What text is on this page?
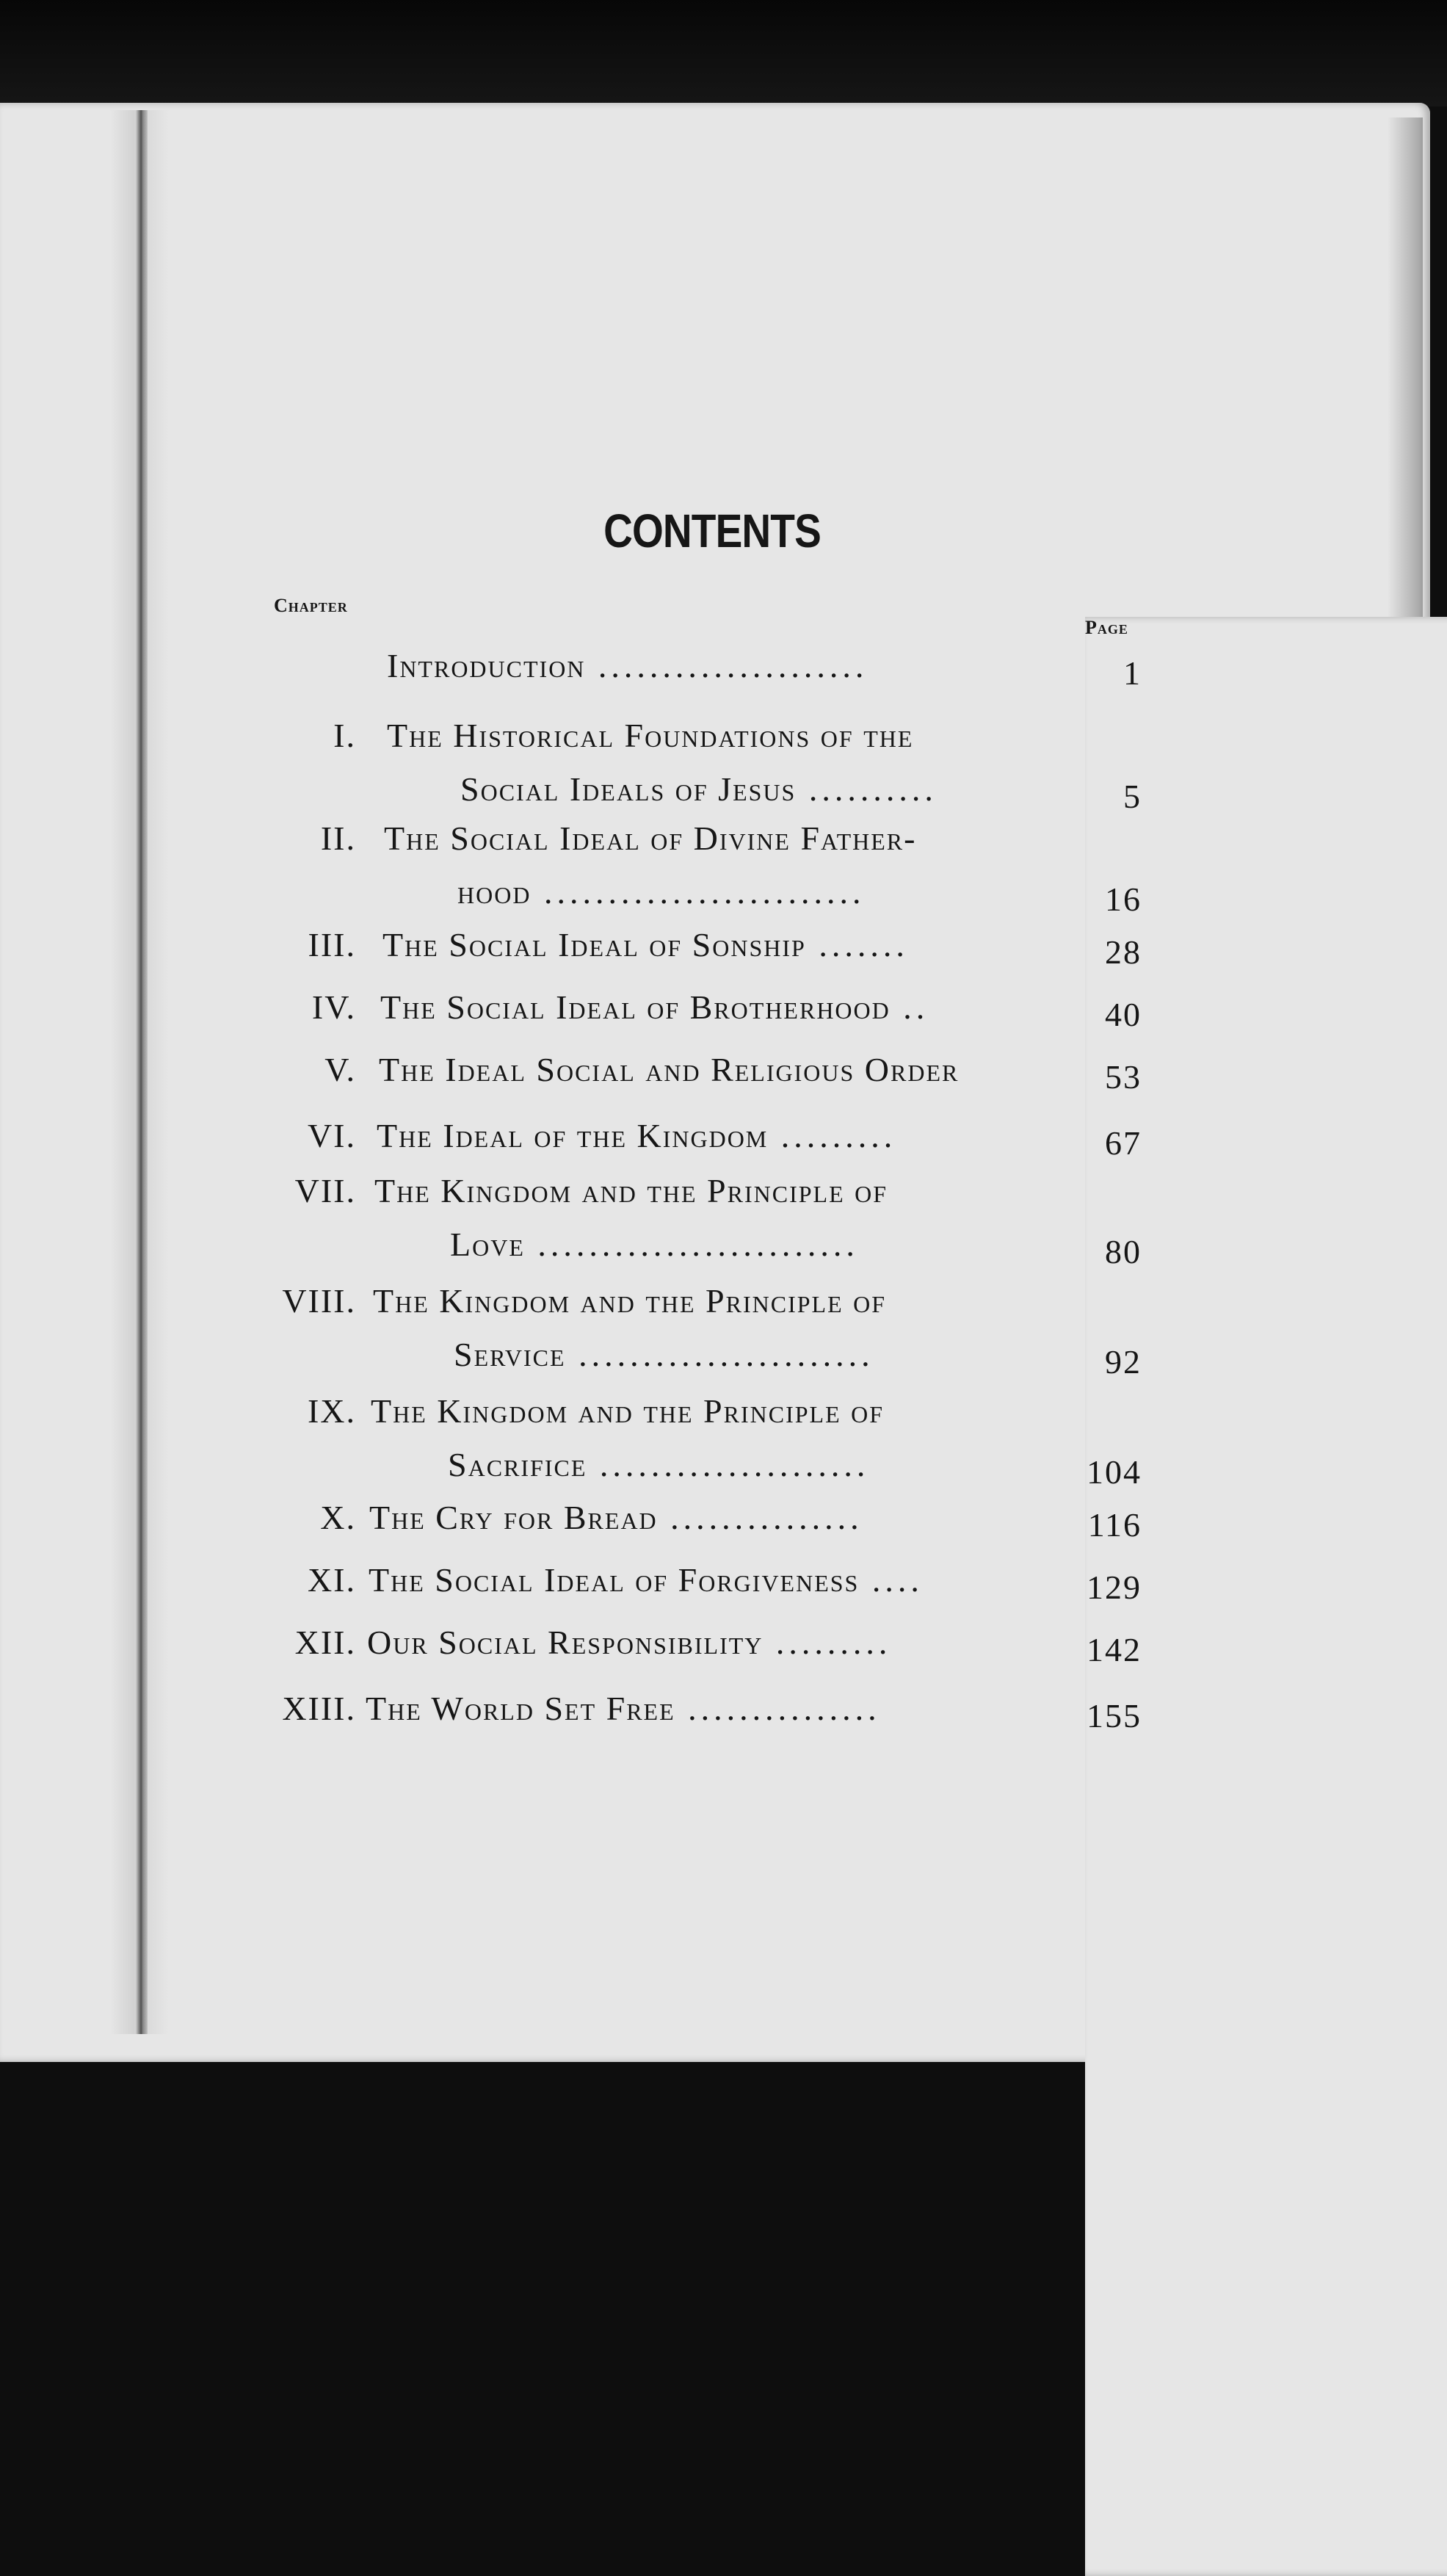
CONTENTS
Chapter
Page
Introduction .....................	1
I. The Historical Foundations of the
Social Ideals of Jesus ..........	5
II. The Social Ideal of Divine Father-
hood .........................	16
III. The Social Ideal of Sonship .......	28
IV. The Social Ideal of Brotherhood ..	40
V. The Ideal Social and Religious Order	53
VI. The Ideal of the Kingdom .........	67
VII. The Kingdom and the Principle of
Love .........................	80
VIII. The Kingdom and the Principle of
Service .......................	92
IX. The Kingdom and the Principle of
Sacrifice .....................	104
X. The Cry for Bread ...............	116
XI. The Social Ideal of Forgiveness ....	129
XII. Our Social Responsibility .........	142
XIII. The World Set Free ...............	155
